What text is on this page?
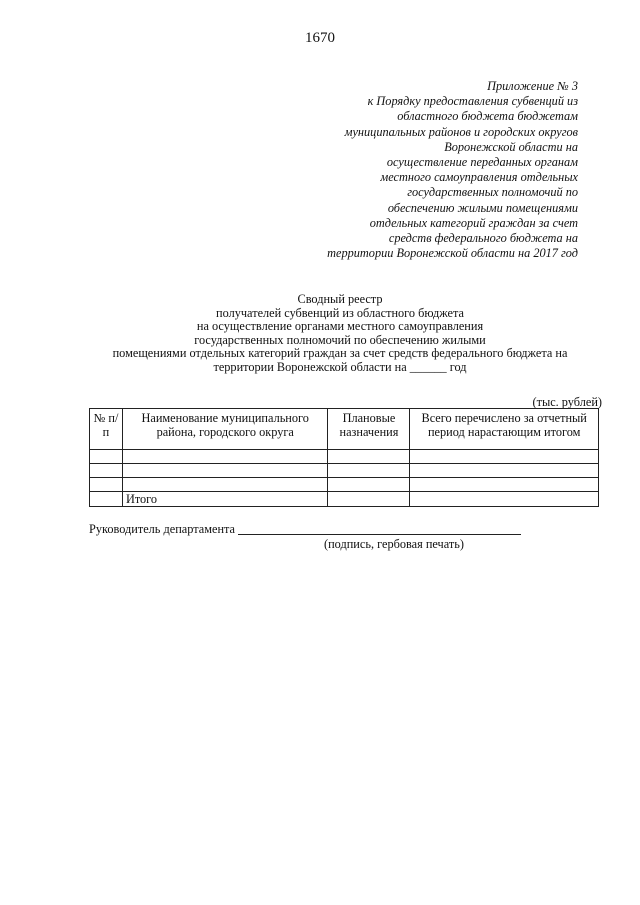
1670
Приложение № 3
к Порядку предоставления субвенций из
областного бюджета бюджетам
муниципальных районов и городских округов
Воронежской области на
осуществление переданных органам
местного самоуправления отдельных
государственных полномочий по
обеспечению жилыми помещениями
отдельных категорий граждан за счет
средств федерального бюджета на
территории Воронежской области на 2017 год
Сводный реестр
получателей субвенций из областного бюджета
на осуществление органами местного самоуправления
государственных полномочий по обеспечению жилыми
помещениями отдельных категорий граждан за счет средств федерального бюджета на
территории Воронежской области на ______ год
(тыс. рублей)
№ п/п	Наименование муниципального района, городского округа	Плановые назначения	Всего перечислено за отчетный период нарастающим итогом

	Итого		
Руководитель департамента
(подпись, гербовая печать)
